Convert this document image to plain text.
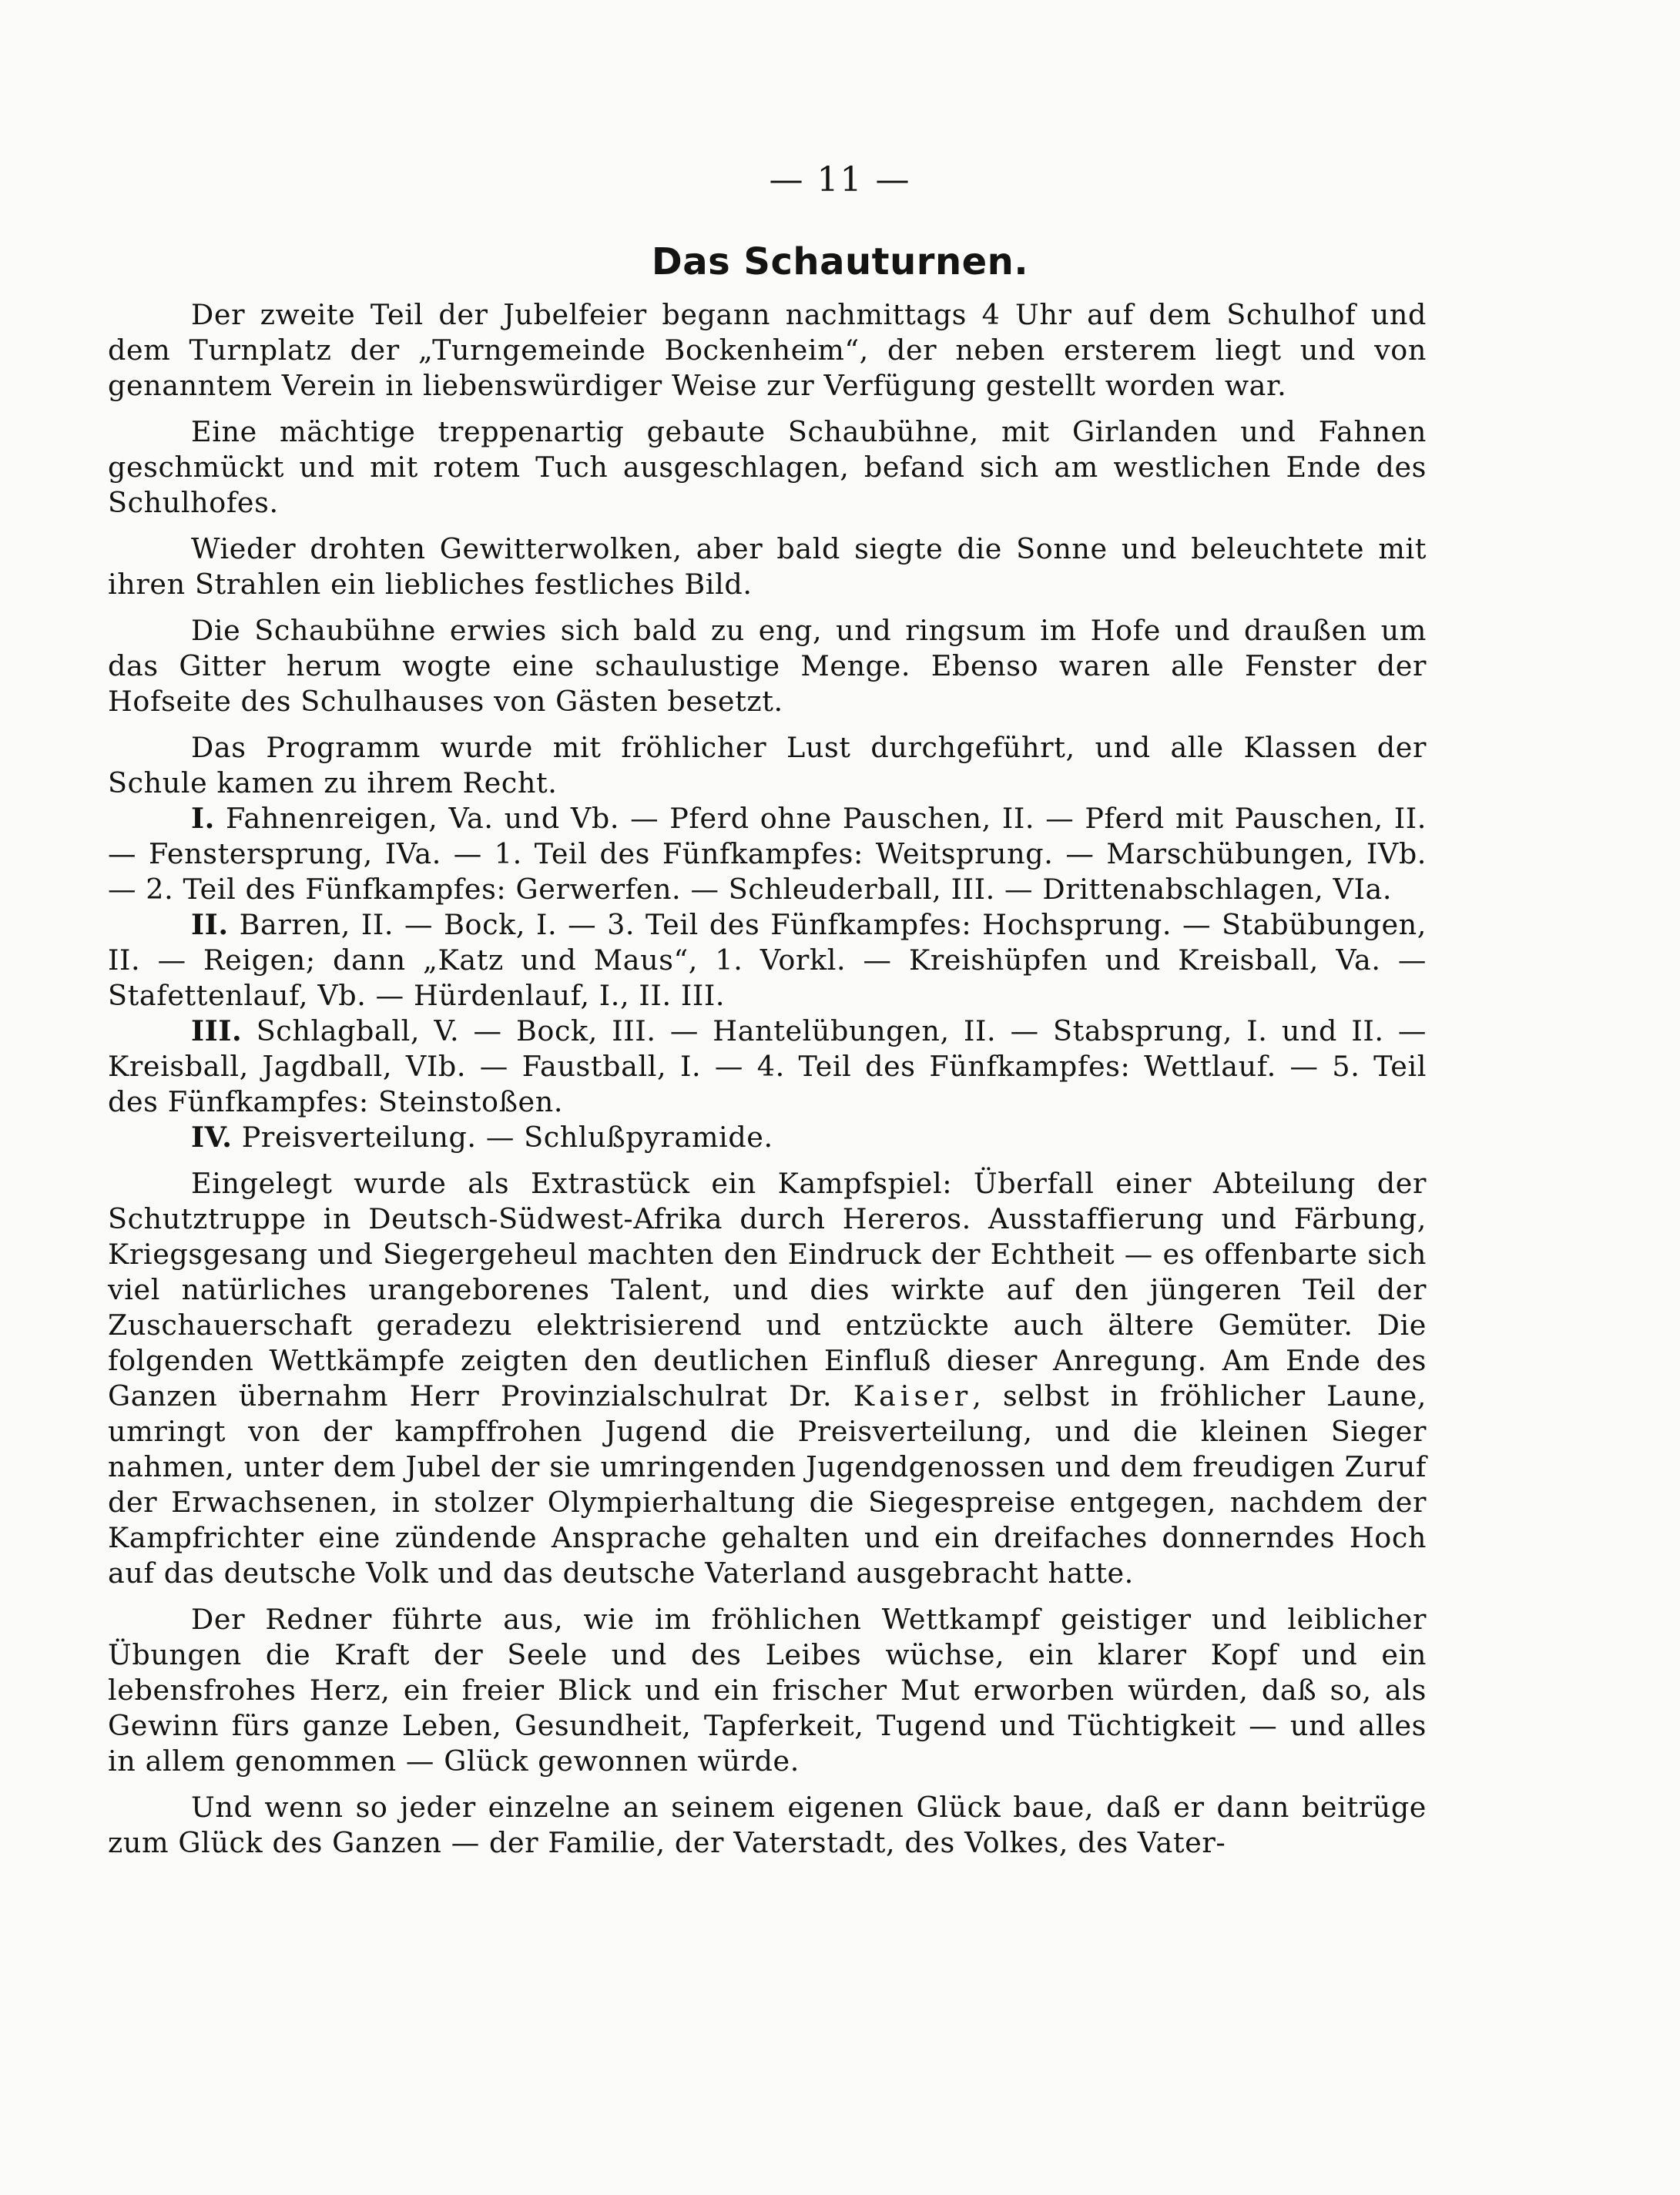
— 11 —
Das Schauturnen.

Der zweite Teil der Jubelfeier begann nachmittags 4 Uhr auf dem Schulhof und dem Turnplatz der „Turngemeinde Bockenheim“, der neben ersterem liegt und von genanntem Verein in liebenswürdiger Weise zur Verfügung gestellt worden war.

Eine mächtige treppenartig gebaute Schaubühne, mit Girlanden und Fahnen geschmückt und mit rotem Tuch ausgeschlagen, befand sich am westlichen Ende des Schulhofes.

Wieder drohten Gewitterwolken, aber bald siegte die Sonne und beleuchtete mit ihren Strahlen ein liebliches festliches Bild.

Die Schaubühne erwies sich bald zu eng, und ringsum im Hofe und draußen um das Gitter herum wogte eine schaulustige Menge. Ebenso waren alle Fenster der Hofseite des Schulhauses von Gästen besetzt.

Das Programm wurde mit fröhlicher Lust durchgeführt, und alle Klassen der Schule kamen zu ihrem Recht.

I. Fahnenreigen, Va. und Vb. — Pferd ohne Pauschen, II. — Pferd mit Pauschen, II. — Fenstersprung, IVa. — 1. Teil des Fünfkampfes: Weitsprung. — Marschübungen, IVb. — 2. Teil des Fünfkampfes: Gerwerfen. — Schleuderball, III. — Drittenabschlagen, VIa.

II. Barren, II. — Bock, I. — 3. Teil des Fünfkampfes: Hochsprung. — Stabübungen, II. — Reigen; dann „Katz und Maus“, 1. Vorkl. — Kreishüpfen und Kreisball, Va. — Stafettenlauf, Vb. — Hürdenlauf, I., II. III.

III. Schlagball, V. — Bock, III. — Hantelübungen, II. — Stabsprung, I. und II. — Kreisball, Jagdball, VIb. — Faustball, I. — 4. Teil des Fünfkampfes: Wettlauf. — 5. Teil des Fünfkampfes: Steinstoßen.

IV. Preisverteilung. — Schlußpyramide.

Eingelegt wurde als Extrastück ein Kampfspiel: Überfall einer Abteilung der Schutztruppe in Deutsch-Südwest-Afrika durch Hereros. Ausstaffierung und Färbung, Kriegsgesang und Siegergeheul machten den Eindruck der Echtheit — es offenbarte sich viel natürliches urangeborenes Talent, und dies wirkte auf den jüngeren Teil der Zuschauerschaft geradezu elektrisierend und entzückte auch ältere Gemüter. Die folgenden Wettkämpfe zeigten den deutlichen Einfluß dieser Anregung. Am Ende des Ganzen übernahm Herr Provinzialschulrat Dr. Kaiser, selbst in fröhlicher Laune, umringt von der kampffrohen Jugend die Preisverteilung, und die kleinen Sieger nahmen, unter dem Jubel der sie umringenden Jugendgenossen und dem freudigen Zuruf der Erwachsenen, in stolzer Olympierhaltung die Siegespreise entgegen, nachdem der Kampfrichter eine zündende Ansprache gehalten und ein dreifaches donnerndes Hoch auf das deutsche Volk und das deutsche Vaterland ausgebracht hatte.

Der Redner führte aus, wie im fröhlichen Wettkampf geistiger und leiblicher Übungen die Kraft der Seele und des Leibes wüchse, ein klarer Kopf und ein lebensfrohes Herz, ein freier Blick und ein frischer Mut erworben würden, daß so, als Gewinn fürs ganze Leben, Gesundheit, Tapferkeit, Tugend und Tüchtigkeit — und alles in allem genommen — Glück gewonnen würde.

Und wenn so jeder einzelne an seinem eigenen Glück baue, daß er dann beitrüge zum Glück des Ganzen — der Familie, der Vaterstadt, des Volkes, des Vater-
